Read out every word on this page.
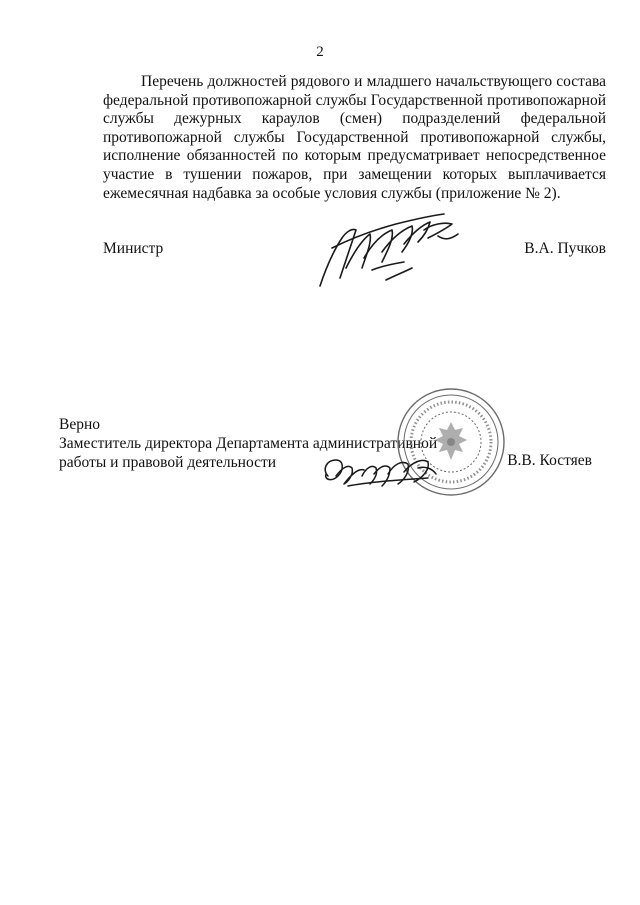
2

Перечень должностей рядового и младшего начальствующего состава федеральной противопожарной службы Государственной противопожарной службы дежурных караулов (смен) подразделений федеральной противопожарной службы Государственной противопожарной службы, исполнение обязанностей по которым предусматривает непосредственное участие в тушении пожаров, при замещении которых выплачивается ежемесячная надбавка за особые условия службы (приложение № 2).

Министр	В.А. Пучков
Верно
Заместитель директора Департамента административной
работы и правовой деятельности	В.В. Костяев
